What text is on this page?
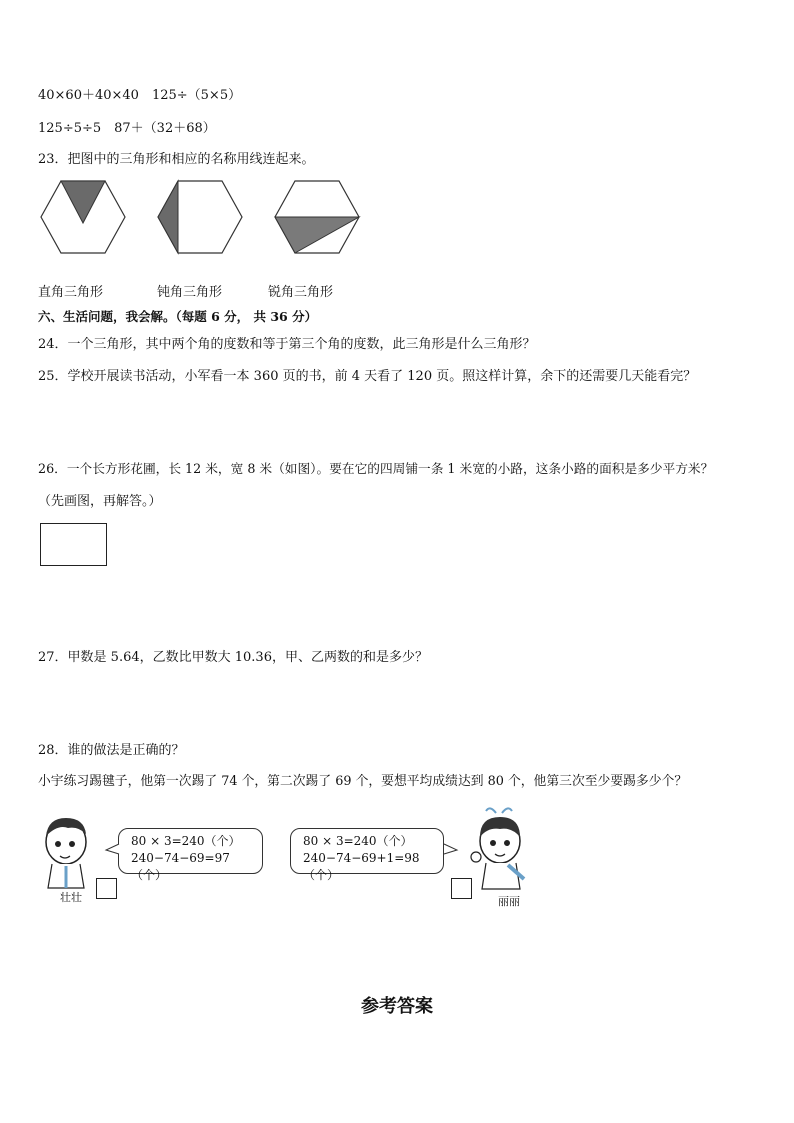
40×60＋40×40　125÷（5×5）
125÷5÷5　87＋（32＋68）
23．把图中的三角形和相应的名称用线连起来。
直角三角形	钝角三角形	锐角三角形
六、生活问题，我会解。（每题 6 分， 共 36 分）
24．一个三角形，其中两个角的度数和等于第三个角的度数，此三角形是什么三角形？
25．学校开展读书活动，小军看一本 360 页的书，前 4 天看了 120 页。照这样计算，余下的还需要几天能看完？
26．一个长方形花圃，长 12 米，宽 8 米（如图）。要在它的四周铺一条 1 米宽的小路，这条小路的面积是多少平方米？
（先画图，再解答。）
27．甲数是 5.64，乙数比甲数大 10.36，甲、乙两数的和是多少？
28．谁的做法是正确的？
小宇练习踢毽子，他第一次踢了 74 个，第二次踢了 69 个，要想平均成绩达到 80 个，他第三次至少要踢多少个？
壮壮
80 × 3=240（个）
240−74−69=97（个）
80 × 3=240（个）
240−74−69+1=98（个）
丽丽
参考答案
